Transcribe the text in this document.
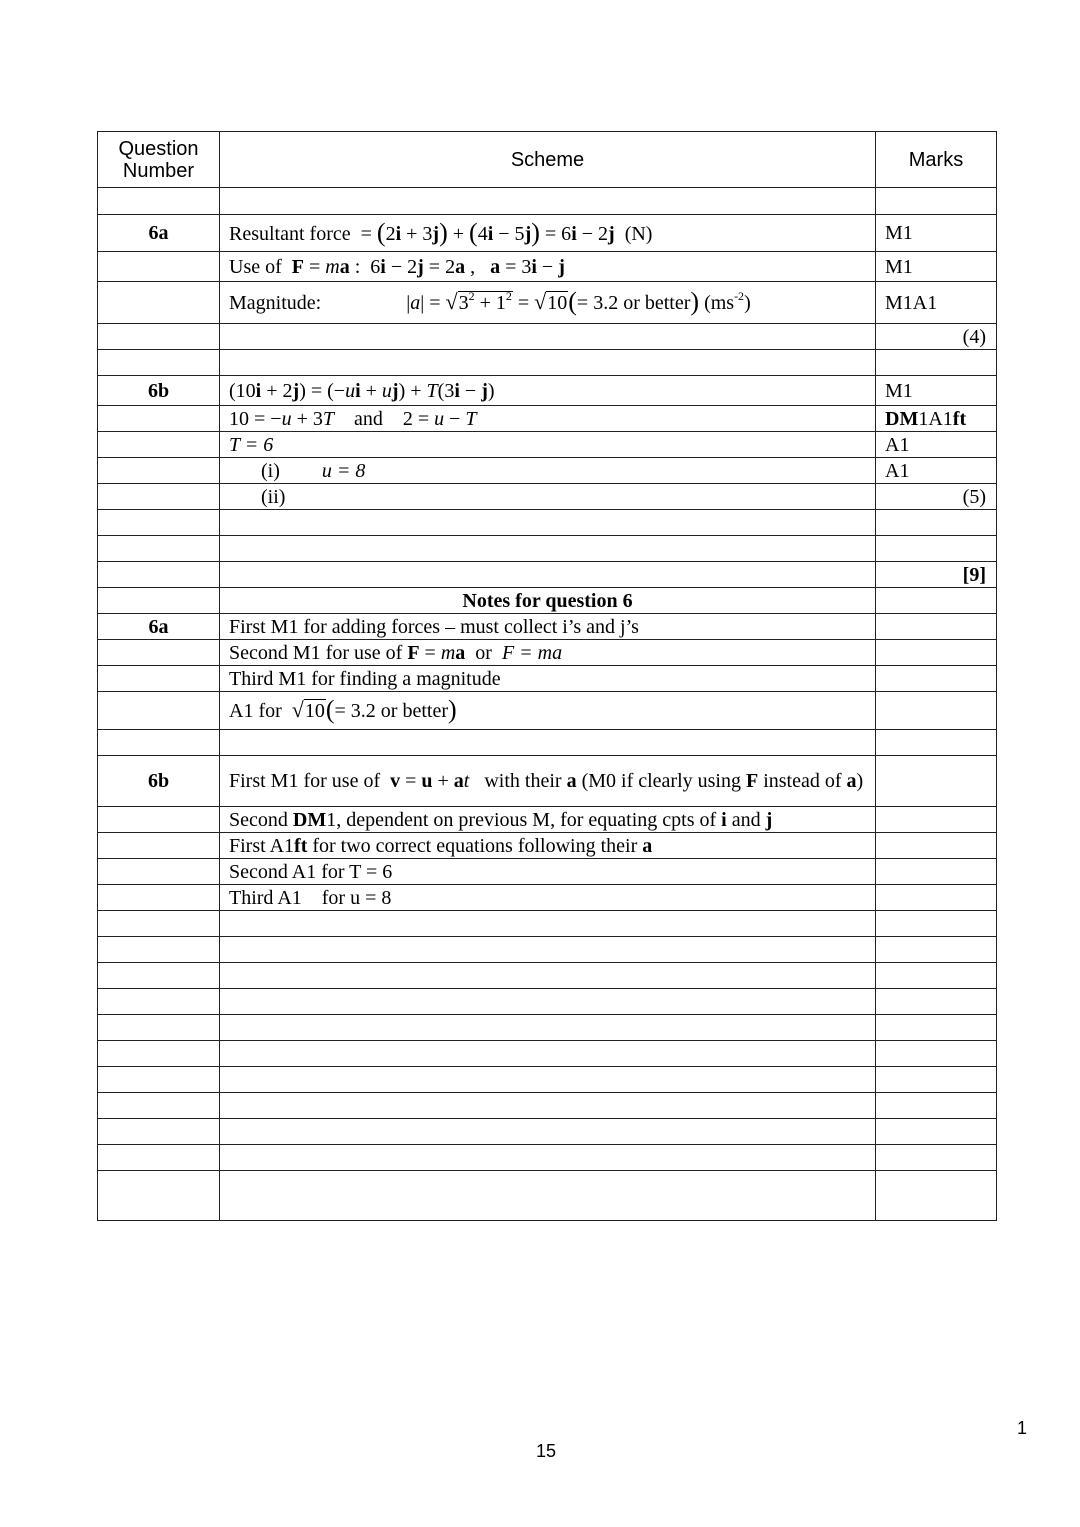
Question Number	Scheme	Marks

6a	Resultant force  = (2i + 3j) + (4i − 5j) = 6i − 2j  (N)	M1
	Use of F = ma :  6i − 2j = 2a ,   a = 3i − j	M1
	Magnitude: $|a| = √3^2 + 1^2 = √10(= 3.2$ or better) $(ms^{-2})$	M1A1
		(4)

6b	(10i + 2j) = (−ui + uj) + T(3i − j)	M1
	10 = −u + 3T and    2 = u − T	DM1A1ft
	T = 6	A1
	(i) u = 8	A1
	(ii)	(5)

		[9]
	Notes for question 6	
6a	First M1 for adding forces – must collect i’s and j’s	
	Second M1 for use of F = ma or F = ma	
	Third M1 for finding a magnitude	
	A1 for √10(= 3.2 or better)	

6b	First M1 for use of v = u + at with their a (M0 if clearly using F instead of a)	
	Second DM1, dependent on previous M, for equating cpts of i and j	
	First A1ft for two correct equations following their a	
	Second A1 for T = 6	
	Third A1    for u = 8	

15
1
